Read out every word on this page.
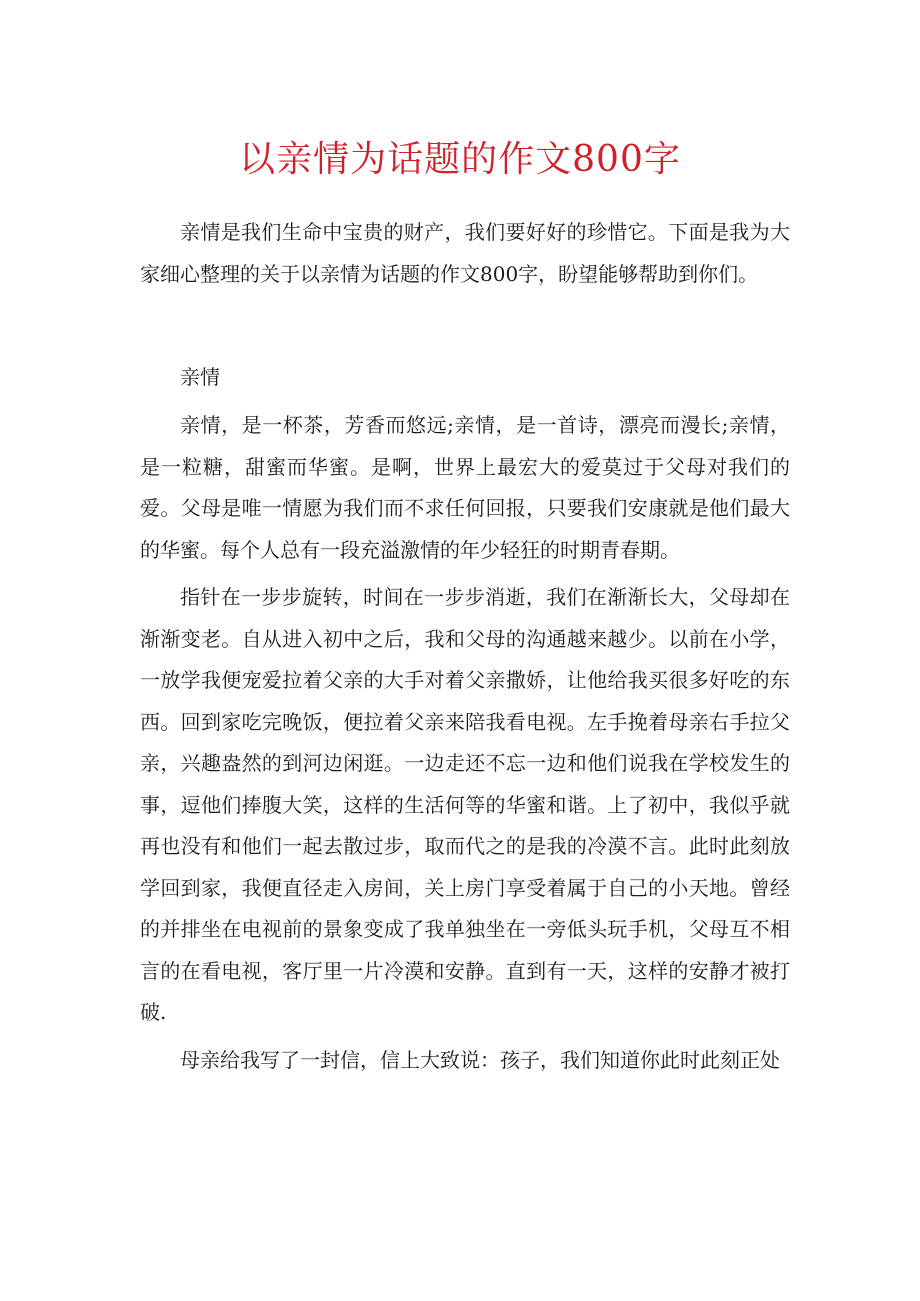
以亲情为话题的作文800字

亲情是我们生命中宝贵的财产，我们要好好的珍惜它。下面是我为大家细心整理的关于以亲情为话题的作文800字，盼望能够帮助到你们。

亲情

亲情，是一杯茶，芳香而悠远;亲情，是一首诗，漂亮而漫长;亲情，是一粒糖，甜蜜而华蜜。是啊，世界上最宏大的爱莫过于父母对我们的爱。父母是唯一情愿为我们而不求任何回报，只要我们安康就是他们最大的华蜜。每个人总有一段充溢激情的年少轻狂的时期青春期。

指针在一步步旋转，时间在一步步消逝，我们在渐渐长大，父母却在渐渐变老。自从进入初中之后，我和父母的沟通越来越少。以前在小学，一放学我便宠爱拉着父亲的大手对着父亲撒娇，让他给我买很多好吃的东西。回到家吃完晚饭，便拉着父亲来陪我看电视。左手挽着母亲右手拉父亲，兴趣盎然的到河边闲逛。一边走还不忘一边和他们说我在学校发生的事，逗他们捧腹大笑，这样的生活何等的华蜜和谐。上了初中，我似乎就再也没有和他们一起去散过步，取而代之的是我的冷漠不言。此时此刻放学回到家，我便直径走入房间，关上房门享受着属于自己的小天地。曾经的并排坐在电视前的景象变成了我单独坐在一旁低头玩手机，父母互不相言的在看电视，客厅里一片冷漠和安静。直到有一天，这样的安静才被打破.

母亲给我写了一封信，信上大致说：孩子，我们知道你此时此刻正处
